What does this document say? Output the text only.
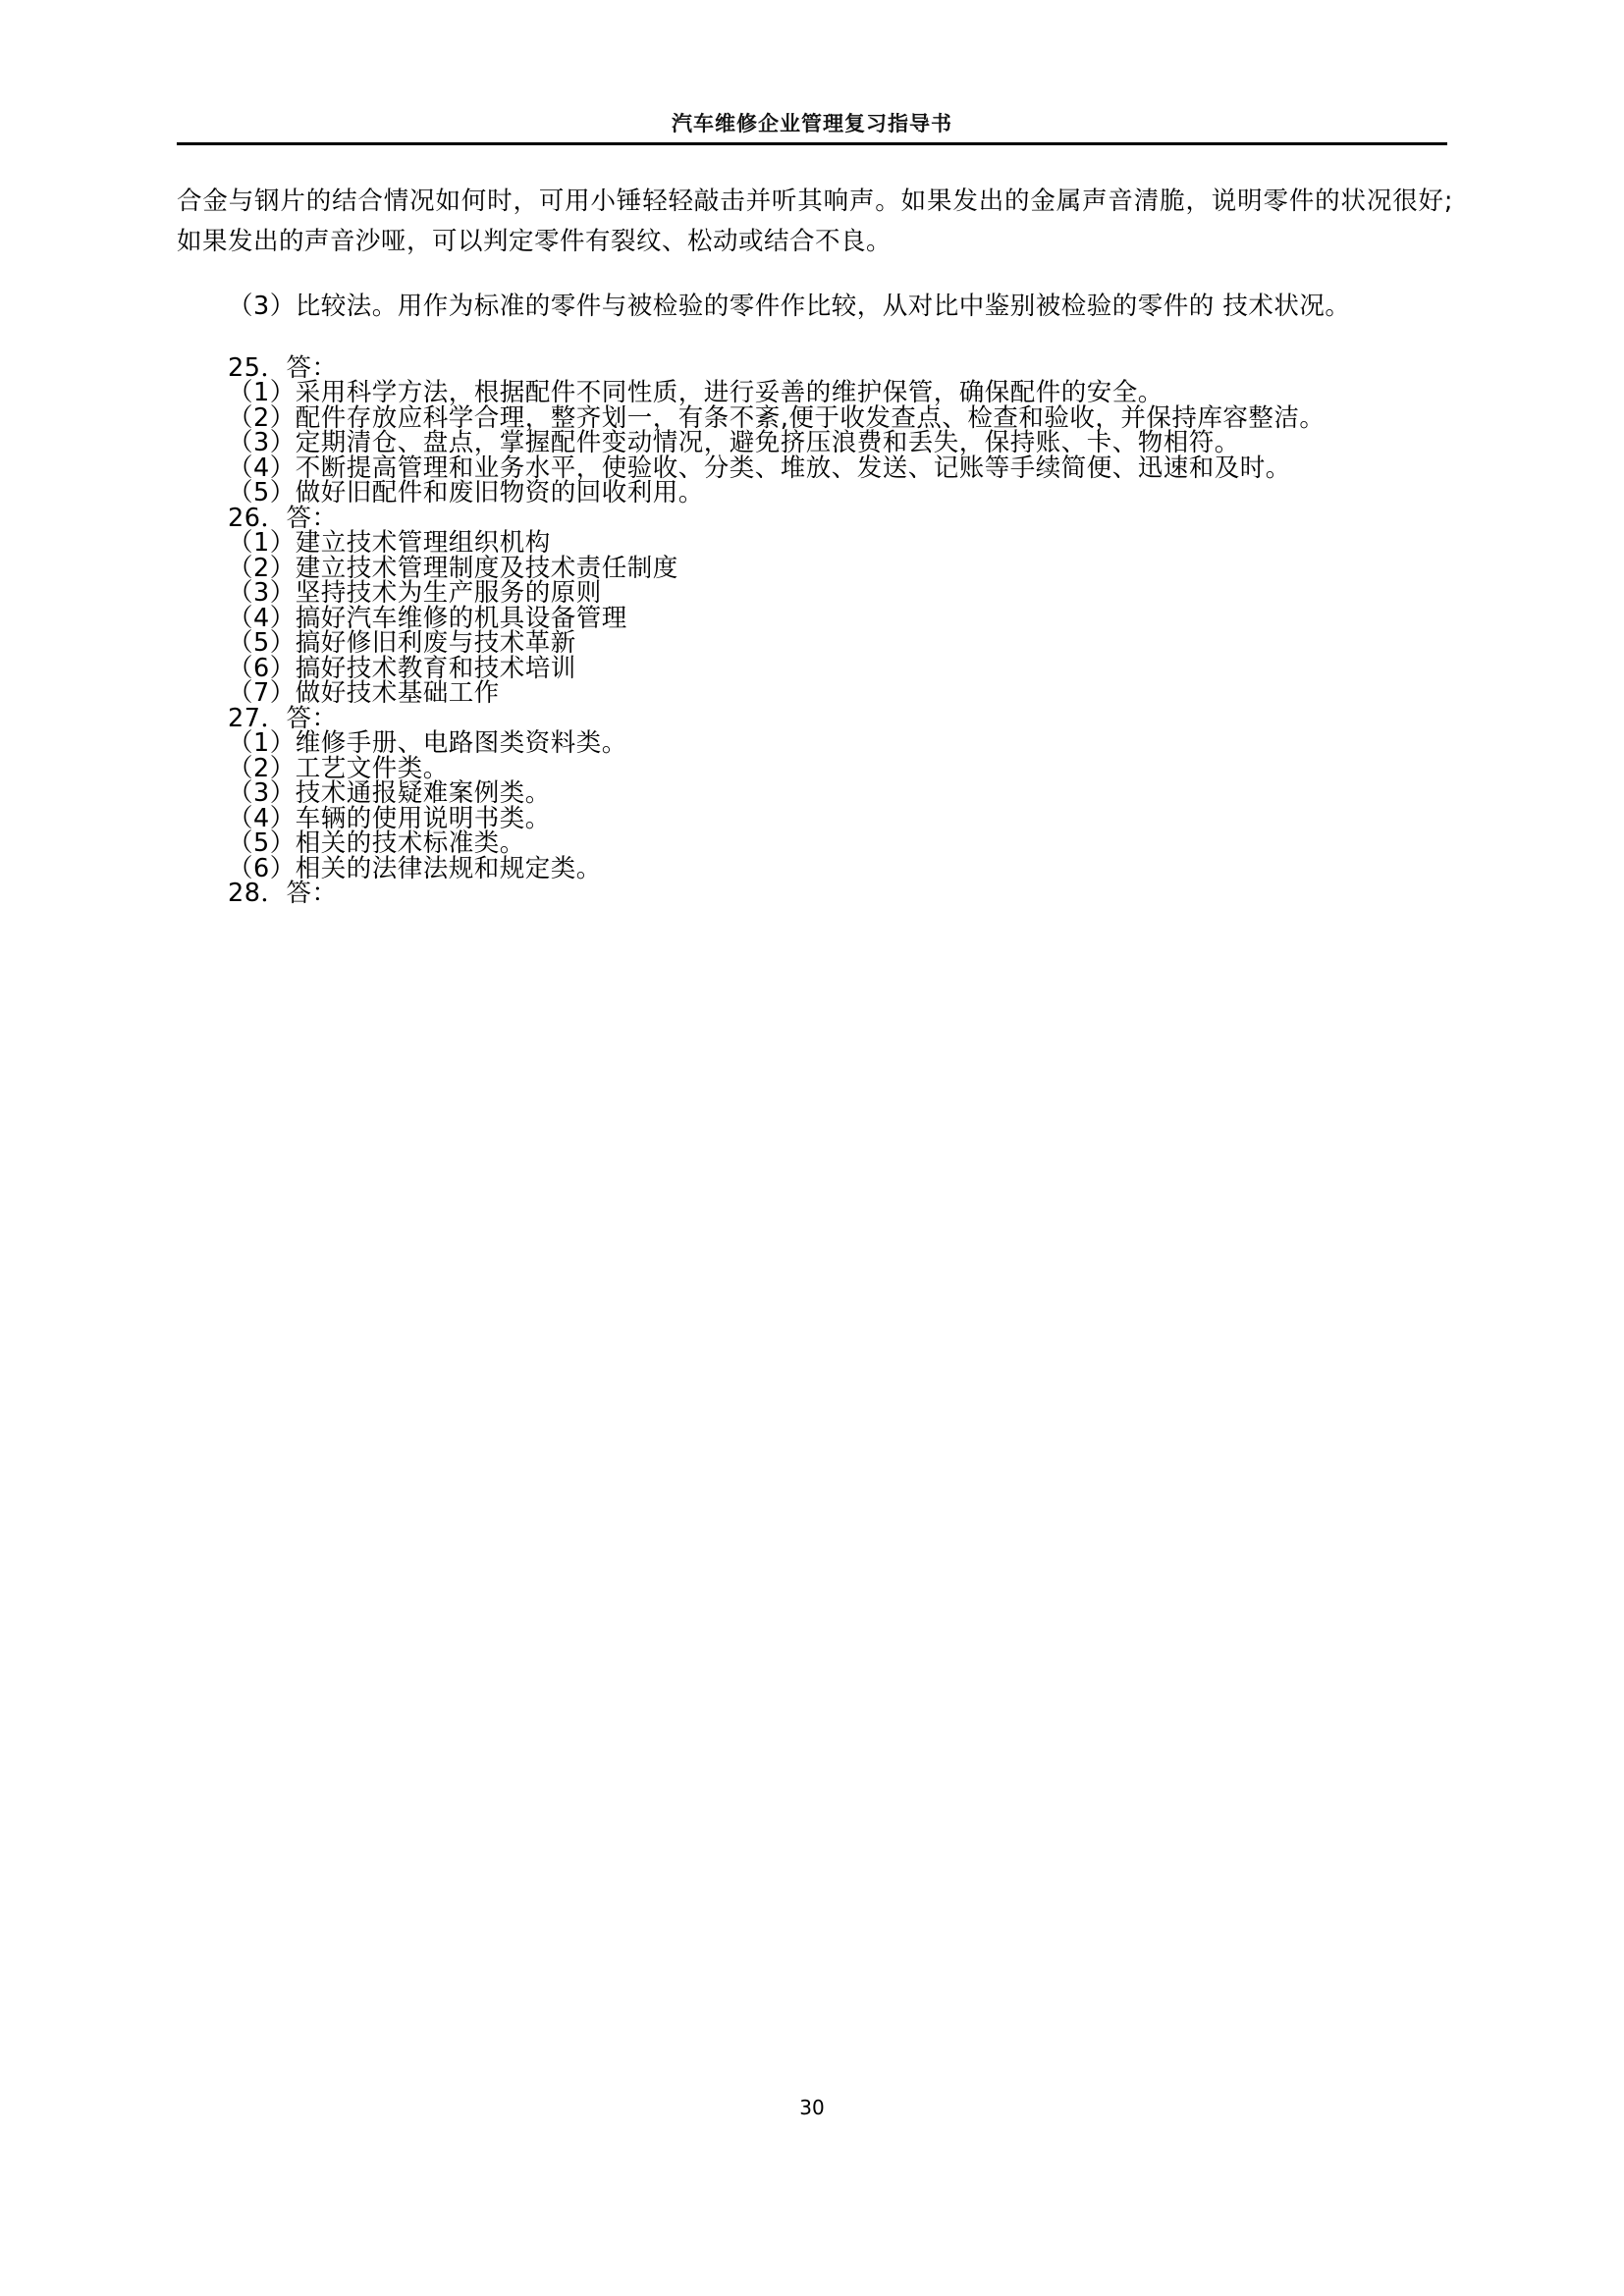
汽车维修企业管理复习指导书

合金与钢片的结合情况如何时，可用小锤轻轻敲击并听其响声。如果发出的金属声音清脆，说明零件的状况很好;如果发出的声音沙哑，可以判定零件有裂纹、松动或结合不良。

（3）比较法。用作为标准的零件与被检验的零件作比较，从对比中鉴别被检验的零件的 技术状况。

25．答：

（1）采用科学方法，根据配件不同性质，进行妥善的维护保管，确保配件的安全。

（2）配件存放应科学合理，整齐划一，有条不紊,便于收发查点、检查和验收，并保持库容整洁。

（3）定期清仓、盘点，掌握配件变动情况，避免挤压浪费和丢失，保持账、卡、物相符。

（4）不断提高管理和业务水平，使验收、分类、堆放、发送、记账等手续简便、迅速和及时。

（5）做好旧配件和废旧物资的回收利用。

26．答：

（1）建立技术管理组织机构

（2）建立技术管理制度及技术责任制度

（3）坚持技术为生产服务的原则

（4）搞好汽车维修的机具设备管理

（5）搞好修旧利废与技术革新

（6）搞好技术教育和技术培训

（7）做好技术基础工作

27．答：

（1）维修手册、电路图类资料类。

（2）工艺文件类。

（3）技术通报疑难案例类。

（4）车辆的使用说明书类。

（5）相关的技术标准类。

（6）相关的法律法规和规定类。

28．答：

30
